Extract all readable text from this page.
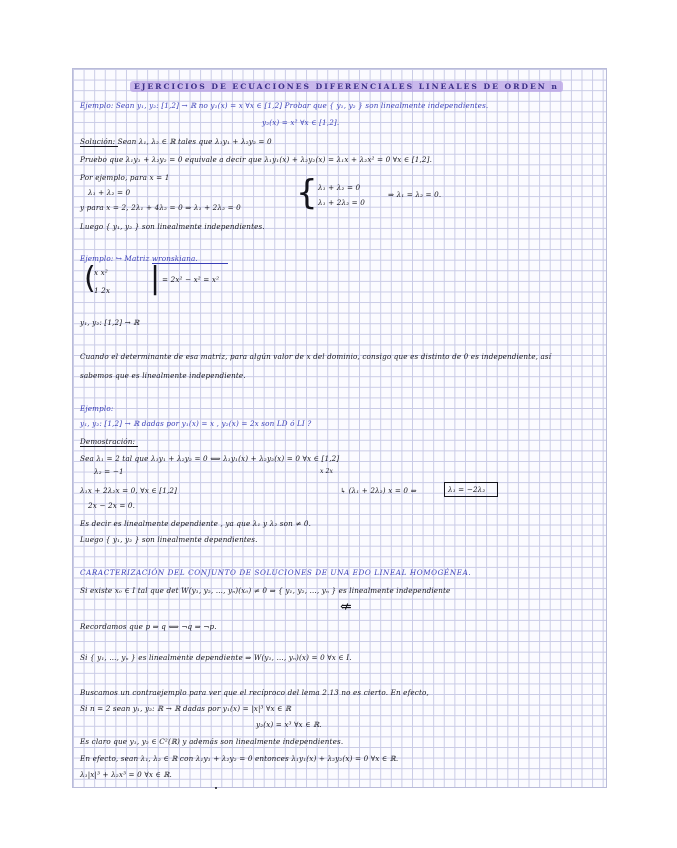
EJERCICIOS DE ECUACIONES DIFERENCIALES LINEALES DE ORDEN n
Ejemplo: Sean y₁, y₂: [1,2] → ℝ no y₁(x) = x ∀x ∈ [1,2] Probar que { y₁, y₂ } son linealmente independientes.
y₂(x) = x² ∀x ∈ [1,2].
Solución: Sean λ₁, λ₂ ∈ ℝ tales que λ₁y₁ + λ₂y₂ = 0
Pruebo que λ₁y₁ + λ₂y₂ = 0 equivale a decir que λ₁y₁(x) + λ₂y₂(x) = λ₁x + λ₂x² = 0 ∀x ∈ [1,2].
Por ejemplo, para x = 1
λ₁ + λ₂ = 0
y para x = 2, 2λ₁ + 4λ₂ = 0 ⇒ λ₁ + 2λ₂ = 0 { λ₁ + λ₂ = 0
λ₁ + 2λ₂ = 0
⇒ λ₁ = λ₂ = 0.
Luego { y₁, y₂ } son linealmente independientes.
Ejemplo: ↪ Matriz wronskiana.
(
x x²
1 2x | = 2x² − x² = x²
y₁, y₂: [1,2] → ℝ
Cuando el determinante de esa matriz, para algún valor de x del dominio, consigo que es distinto de 0 es independiente, así
sabemos que es linealmente independiente.
Ejemplo:
y₁, y₂: [1,2] → ℝ dadas por y₁(x) = x , y₂(x) = 2x son LD ó LI ?
Demostración:
Sea λ₁ = 2 tal que λ₁y₁ + λ₂y₂ = 0 ⟺ λ₁y₁(x) + λ₂y₂(x) = 0 ∀x ∈ [1,2]
λ₂ = −1	x 2x
λ₁x + 2λ₂x = 0, ∀x ∈ [1,2]	↳ (λ₁ + 2λ₂) x = 0 ⇒	λ₁ = −2λ₂
2x − 2x = 0.
Es decir es linealmente dependiente , ya que λ₁ y λ₂ son ≠ 0.
Luego { y₁, y₂ } son linealmente dependientes.
CARACTERIZACIÓN DEL CONJUNTO DE SOLUCIONES DE UNA EDO LINEAL HOMOGÉNEA.
Si existe x₀ ∈ I tal que det W(y₁, y₂, …, yₙ)(x₀) ≠ 0 ⇒ { y₁, y₂, …, yₙ } es linealmente independiente
⇍
Recordamos que p ⇒ q ⟺ ¬q ⇒ ¬p.
Si { y₁, …, yₙ } es linealmente dependiente ⇒ W(y₁, …, yₙ)(x) = 0 ∀x ∈ I.
Buscamos un contraejemplo para ver que el recíproco del lema 2.13 no es cierto. En efecto,
Si n = 2 sean y₁, y₂: ℝ → ℝ dadas por y₁(x) = |x|³ ∀x ∈ ℝ
y₂(x) = x³ ∀x ∈ ℝ.
Es claro que y₁, y₂ ∈ C²(ℝ) y además son linealmente independientes.
En efecto, sean λ₁, λ₂ ∈ ℝ con λ₁y₁ + λ₂y₂ = 0 entonces λ₁y₁(x) + λ₂y₂(x) = 0 ∀x ∈ ℝ.
λ₁|x|³ + λ₂x³ = 0 ∀x ∈ ℝ.
